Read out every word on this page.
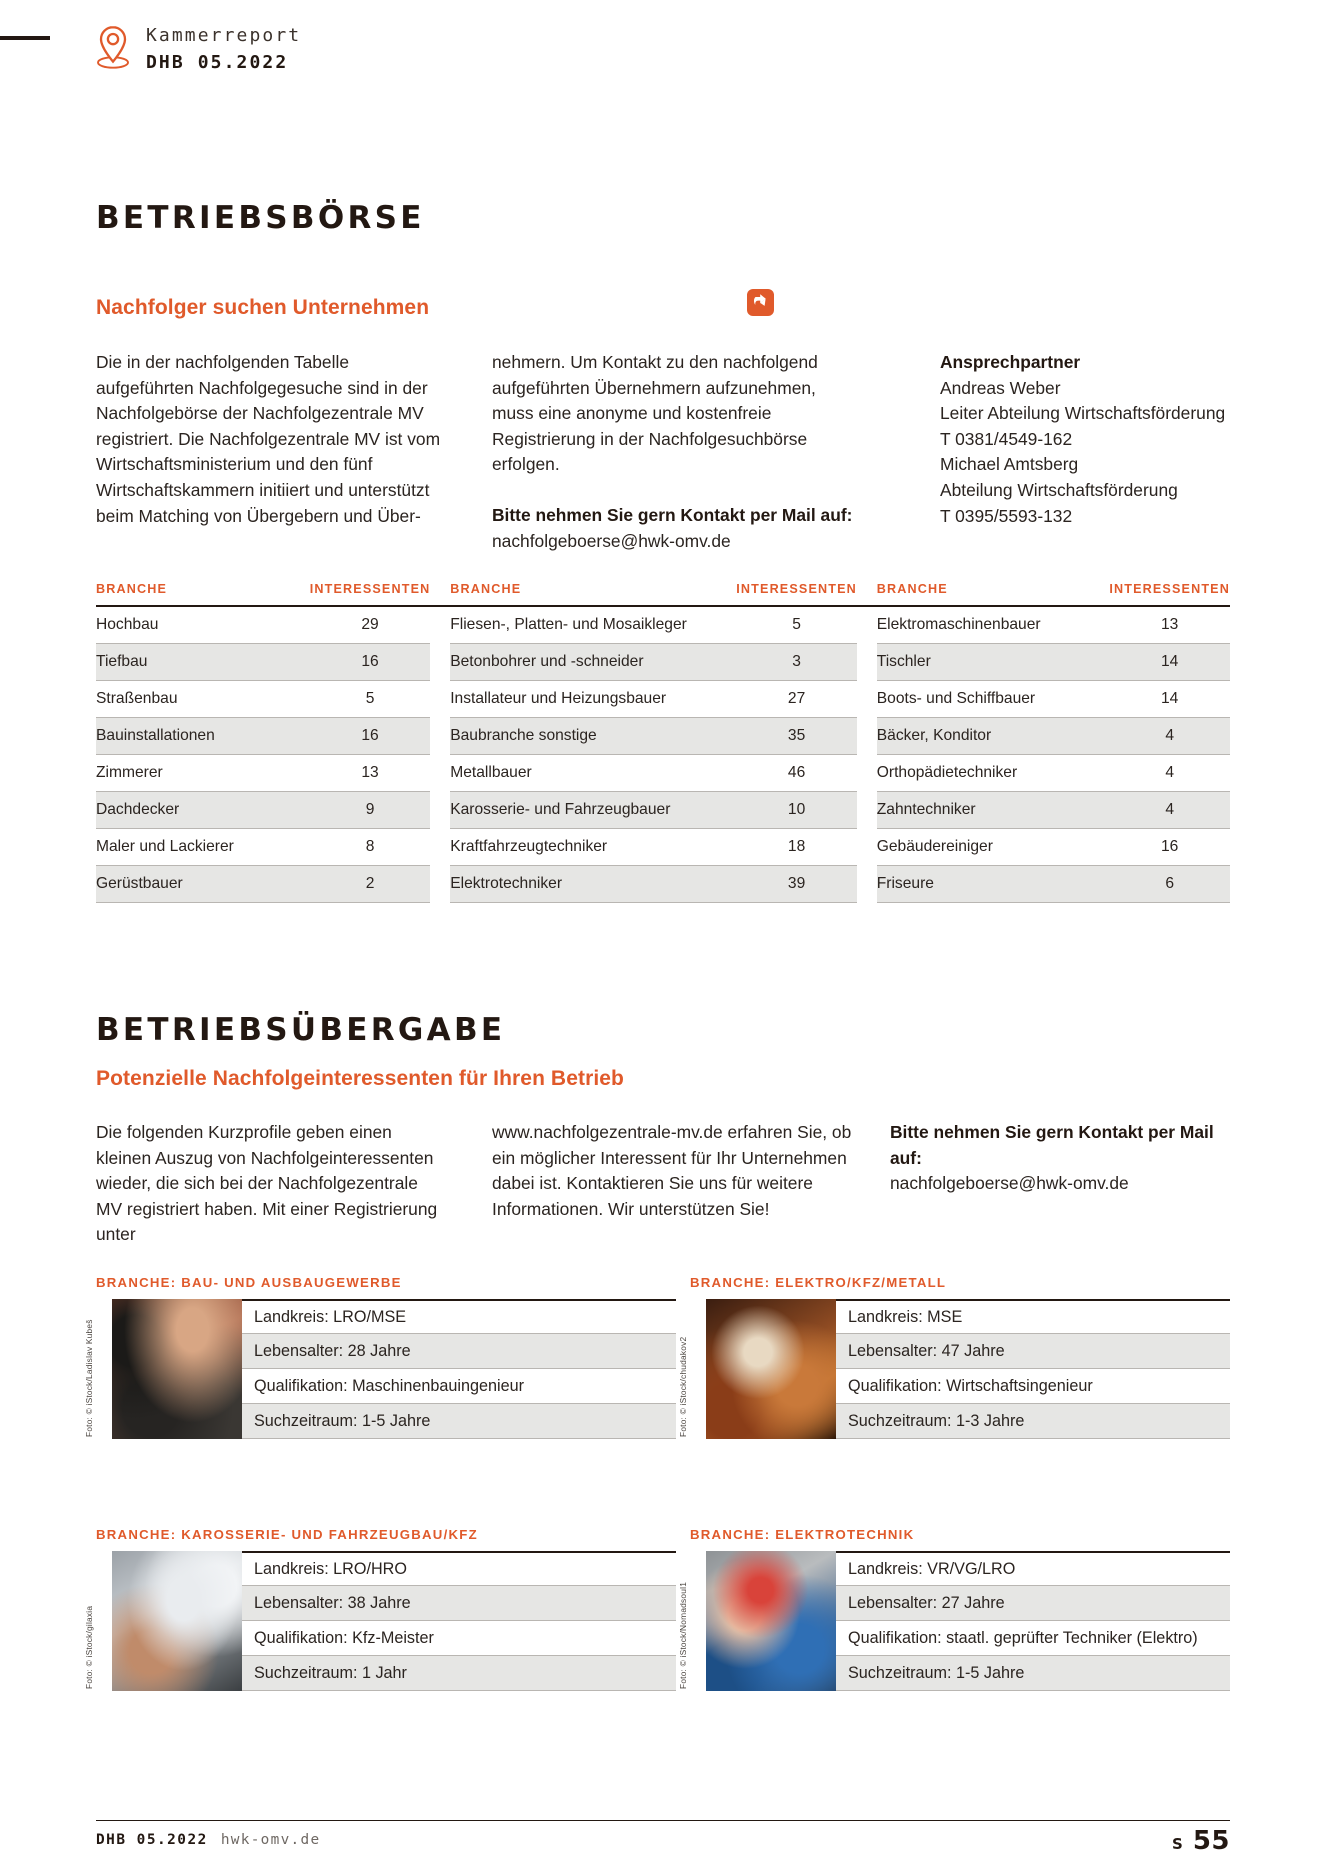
Kammerreport
DHB 05.2022
BETRIEBSBÖRSE
Nachfolger suchen Unternehmen

Die in der nachfolgenden Tabelle aufgeführten Nachfolgegesuche sind in der Nachfolgebörse der Nachfolgezentrale MV registriert. Die Nachfolgezentrale MV ist vom Wirtschaftsministerium und den fünf Wirtschaftskammern initiiert und unterstützt beim Matching von Übergebern und Über-

nehmern. Um Kontakt zu den nachfolgend aufgeführten Übernehmern aufzunehmen, muss eine anonyme und kostenfreie Registrierung in der Nachfolgesuchbörse erfolgen.

Bitte nehmen Sie gern Kontakt per Mail auf:

nachfolgeboerse@hwk-omv.de

Ansprechpartner

Andreas Weber

Leiter Abteilung Wirtschaftsförderung

T 0381/4549-162

Michael Amtsberg

Abteilung Wirtschaftsförderung

T 0395/5593-132

BRANCHE	INTERESSENTEN		BRANCHE	INTERESSENTEN		BRANCHE	INTERESSENTEN
Hochbau	29		Fliesen-, Platten- und Mosaikleger	5		Elektromaschinenbauer	13
Tiefbau	16		Betonbohrer und -schneider	3		Tischler	14
Straßenbau	5		Installateur und Heizungsbauer	27		Boots- und Schiffbauer	14
Bauinstallationen	16		Baubranche sonstige	35		Bäcker, Konditor	4
Zimmerer	13		Metallbauer	46		Orthopädietechniker	4
Dachdecker	9		Karosserie- und Fahrzeugbauer	10		Zahntechniker	4
Maler und Lackierer	8		Kraftfahrzeugtechniker	18		Gebäudereiniger	16
Gerüstbauer	2		Elektrotechniker	39		Friseure	6
BETRIEBSÜBERGABE
Potenzielle Nachfolgeinteressenten für Ihren Betrieb

Die folgenden Kurzprofile geben einen kleinen Auszug von Nachfolgeinteressenten wieder, die sich bei der Nachfolgezentrale MV registriert haben. Mit einer Registrierung unter

www.nachfolgezentrale-mv.de erfahren Sie, ob ein möglicher Interessent für Ihr Unternehmen dabei ist. Kontaktieren Sie uns für weitere Informationen. Wir unterstützen Sie!

Bitte nehmen Sie gern Kontakt per Mail auf:

nachfolgeboerse@hwk-omv.de

BRANCHE: BAU- UND AUSBAUGEWERBE
Foto: © iStock/Ladislav Kubeš
Landkreis: LRO/MSE
Lebensalter: 28 Jahre
Qualifikation: Maschinenbauingenieur
Suchzeitraum: 1-5 Jahre
BRANCHE: ELEKTRO/KFZ/METALL
Foto: © iStock/chudakov2
Landkreis: MSE
Lebensalter: 47 Jahre
Qualifikation: Wirtschaftsingenieur
Suchzeitraum: 1-3 Jahre
BRANCHE: KAROSSERIE- UND FAHRZEUGBAU/KFZ
Foto: © iStock/gilaxia
Landkreis: LRO/HRO
Lebensalter: 38 Jahre
Qualifikation: Kfz-Meister
Suchzeitraum: 1 Jahr
BRANCHE: ELEKTROTECHNIK
Foto: © iStock/Nomadsoul1
Landkreis: VR/VG/LRO
Lebensalter: 27 Jahre
Qualifikation: staatl. geprüfter Techniker (Elektro)
Suchzeitraum: 1-5 Jahre
DHB 05.2022 hwk-omv.de	S 55
